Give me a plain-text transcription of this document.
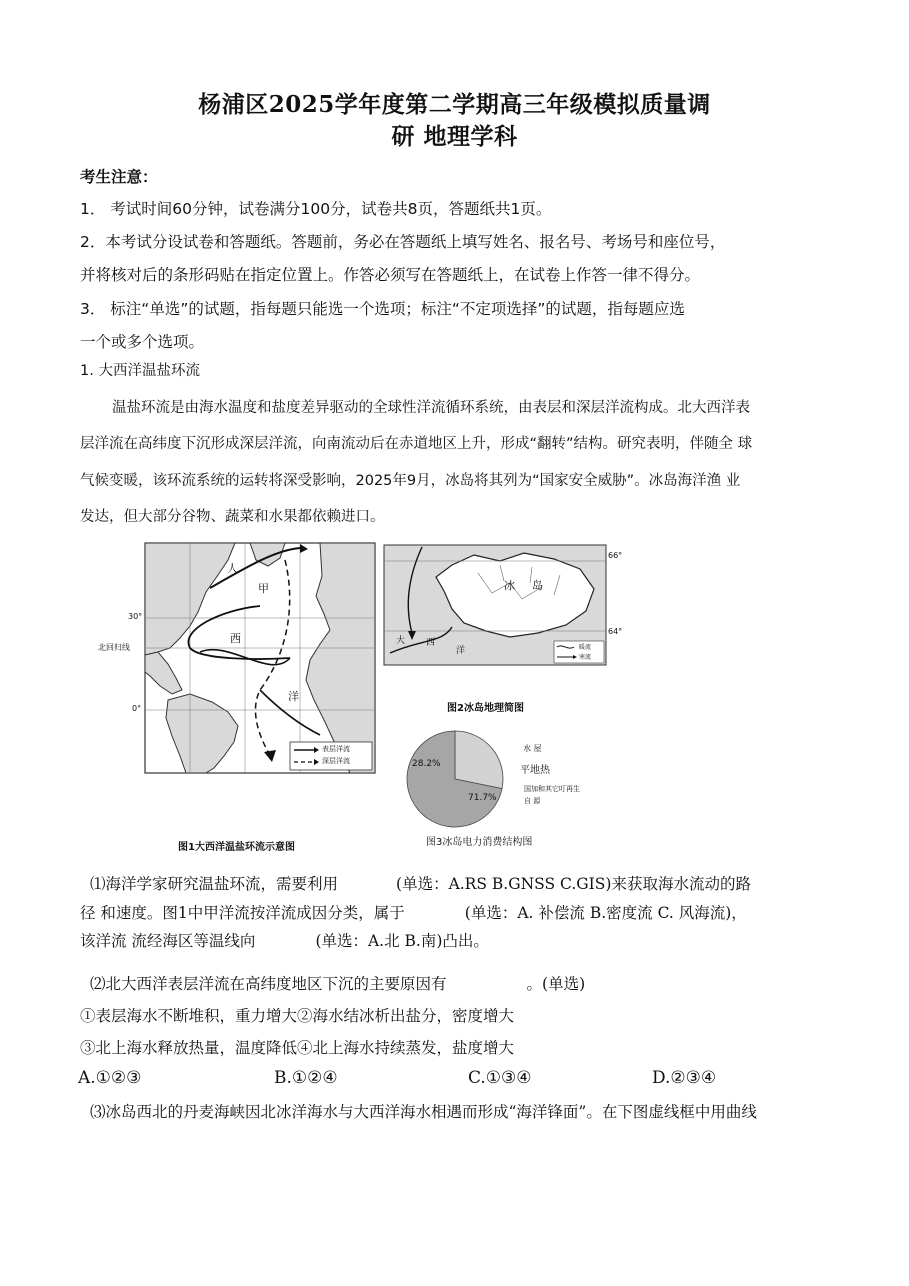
杨浦区2025学年度第二学期高三年级模拟质量调
研 地理学科
考生注意：
1． 考试时间60分钟，试卷满分100分，试卷共8页，答题纸共1页。
2．本考试分设试卷和答题纸。答题前，务必在答题纸上填写姓名、报名号、考场号和座位号，
并将核对后的条形码贴在指定位置上。作答必须写在答题纸上，在试卷上作答一律不得分。
3． 标注“单选”的试题，指每题只能选一个选项；标注“不定项选择”的试题，指每题应选
一个或多个选项。
1. 大西洋温盐环流
温盐环流是由海水温度和盐度差异驱动的全球性洋流循环系统，由表层和深层洋流构成。北大西洋表
层洋流在高纬度下沉形成深层洋流，向南流动后在赤道地区上升，形成“翻转”结构。研究表明，伴随全 球
气候变暖，该环流系统的运转将深受影响，2025年9月，冰岛将其列为“国家安全威胁”。冰岛海洋渔 业
发达，但大部分谷物、蔬菜和水果都依赖进口。
人
甲
西
洋
30°
北回归线
0°
表层洋流
深层洋流
图1大西洋温盐环流示意图
冰 岛
大 西
洋
66°
64°
暖流
寒流
图2冰岛地理简图
28.2%
71.7%
水 屋
平地热
国加和其它叮再生
自 源
图3冰岛电力消费结构图
⑴海洋学家研究温盐环流，需要利用	(单选：A.RS B.GNSS C.GIS)来获取海水流动的路
径 和速度。图1中甲洋流按洋流成因分类，属于	(单选：A. 补偿流 B.密度流 C. 风海流)，
该洋流 流经海区等温线向	(单选：A.北 B.南)凸出。
⑵北大西洋表层洋流在高纬度地区下沉的主要原因有	。(单选)
①表层海水不断堆积，重力增大②海水结冰析出盐分，密度增大
③北上海水释放热量，温度降低④北上海水持续蒸发，盐度增大
A.①②③	B.①②④	C.①③④	D.②③④
⑶冰岛西北的丹麦海峡因北冰洋海水与大西洋海水相遇而形成“海洋锋面”。在下图虚线框中用曲线
